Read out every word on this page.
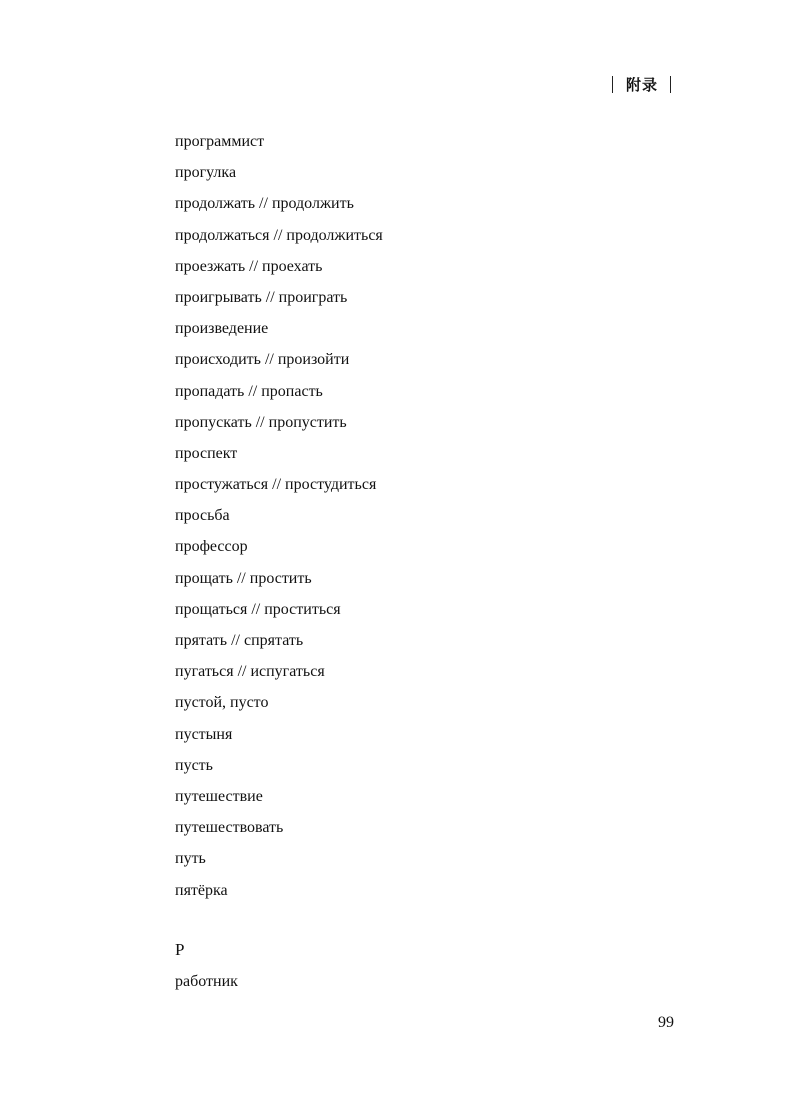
附录
программист
прогулка
продолжать // продолжить
продолжаться // продолжиться
проезжать // проехать
проигрывать // проиграть
произведение
происходить // произойти
пропадать // пропасть
пропускать // пропустить
проспект
простужаться // простудиться
просьба
профессор
прощать // простить
прощаться // проститься
прятать // спрятать
пугаться // испугаться
пустой, пусто
пустыня
пусть
путешествие
путешествовать
путь
пятёрка
Р
работник
99
